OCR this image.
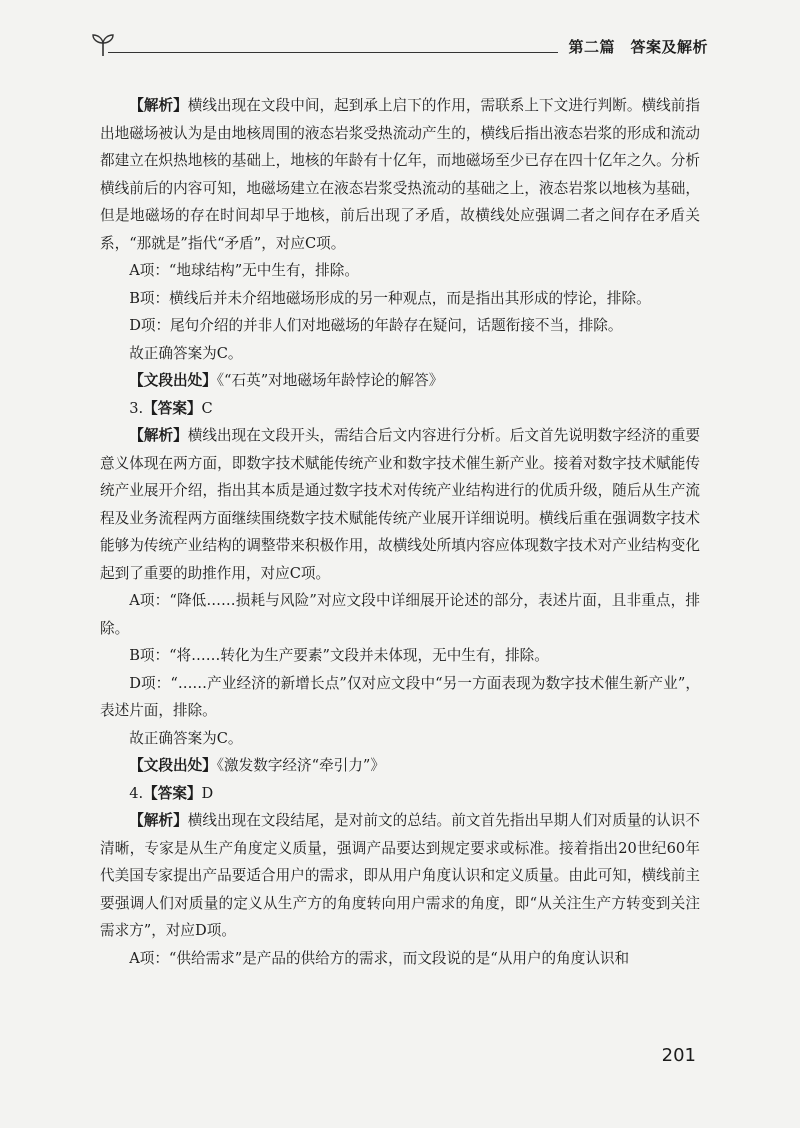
第二篇　答案及解析

【解析】横线出现在文段中间，起到承上启下的作用，需联系上下文进行判断。横线前指出地磁场被认为是由地核周围的液态岩浆受热流动产生的，横线后指出液态岩浆的形成和流动都建立在炽热地核的基础上，地核的年龄有十亿年，而地磁场至少已存在四十亿年之久。分析横线前后的内容可知，地磁场建立在液态岩浆受热流动的基础之上，液态岩浆以地核为基础，但是地磁场的存在时间却早于地核，前后出现了矛盾，故横线处应强调二者之间存在矛盾关系，“那就是”指代“矛盾”，对应C项。

A项：“地球结构”无中生有，排除。

B项：横线后并未介绍地磁场形成的另一种观点，而是指出其形成的悖论，排除。

D项：尾句介绍的并非人们对地磁场的年龄存在疑问，话题衔接不当，排除。

故正确答案为C。

【文段出处】《“石英”对地磁场年龄悖论的解答》

3.【答案】C

【解析】横线出现在文段开头，需结合后文内容进行分析。后文首先说明数字经济的重要意义体现在两方面，即数字技术赋能传统产业和数字技术催生新产业。接着对数字技术赋能传统产业展开介绍，指出其本质是通过数字技术对传统产业结构进行的优质升级，随后从生产流程及业务流程两方面继续围绕数字技术赋能传统产业展开详细说明。横线后重在强调数字技术能够为传统产业结构的调整带来积极作用，故横线处所填内容应体现数字技术对产业结构变化起到了重要的助推作用，对应C项。

A项：“降低……损耗与风险”对应文段中详细展开论述的部分，表述片面，且非重点，排除。

B项：“将……转化为生产要素”文段并未体现，无中生有，排除。

D项：“……产业经济的新增长点”仅对应文段中“另一方面表现为数字技术催生新产业”，表述片面，排除。

故正确答案为C。

【文段出处】《激发数字经济“牵引力”》

4.【答案】D

【解析】横线出现在文段结尾，是对前文的总结。前文首先指出早期人们对质量的认识不清晰，专家是从生产角度定义质量，强调产品要达到规定要求或标准。接着指出20世纪60年代美国专家提出产品要适合用户的需求，即从用户角度认识和定义质量。由此可知，横线前主要强调人们对质量的定义从生产方的角度转向用户需求的角度，即“从关注生产方转变到关注需求方”，对应D项。

A项：“供给需求”是产品的供给方的需求，而文段说的是“从用户的角度认识和

201
